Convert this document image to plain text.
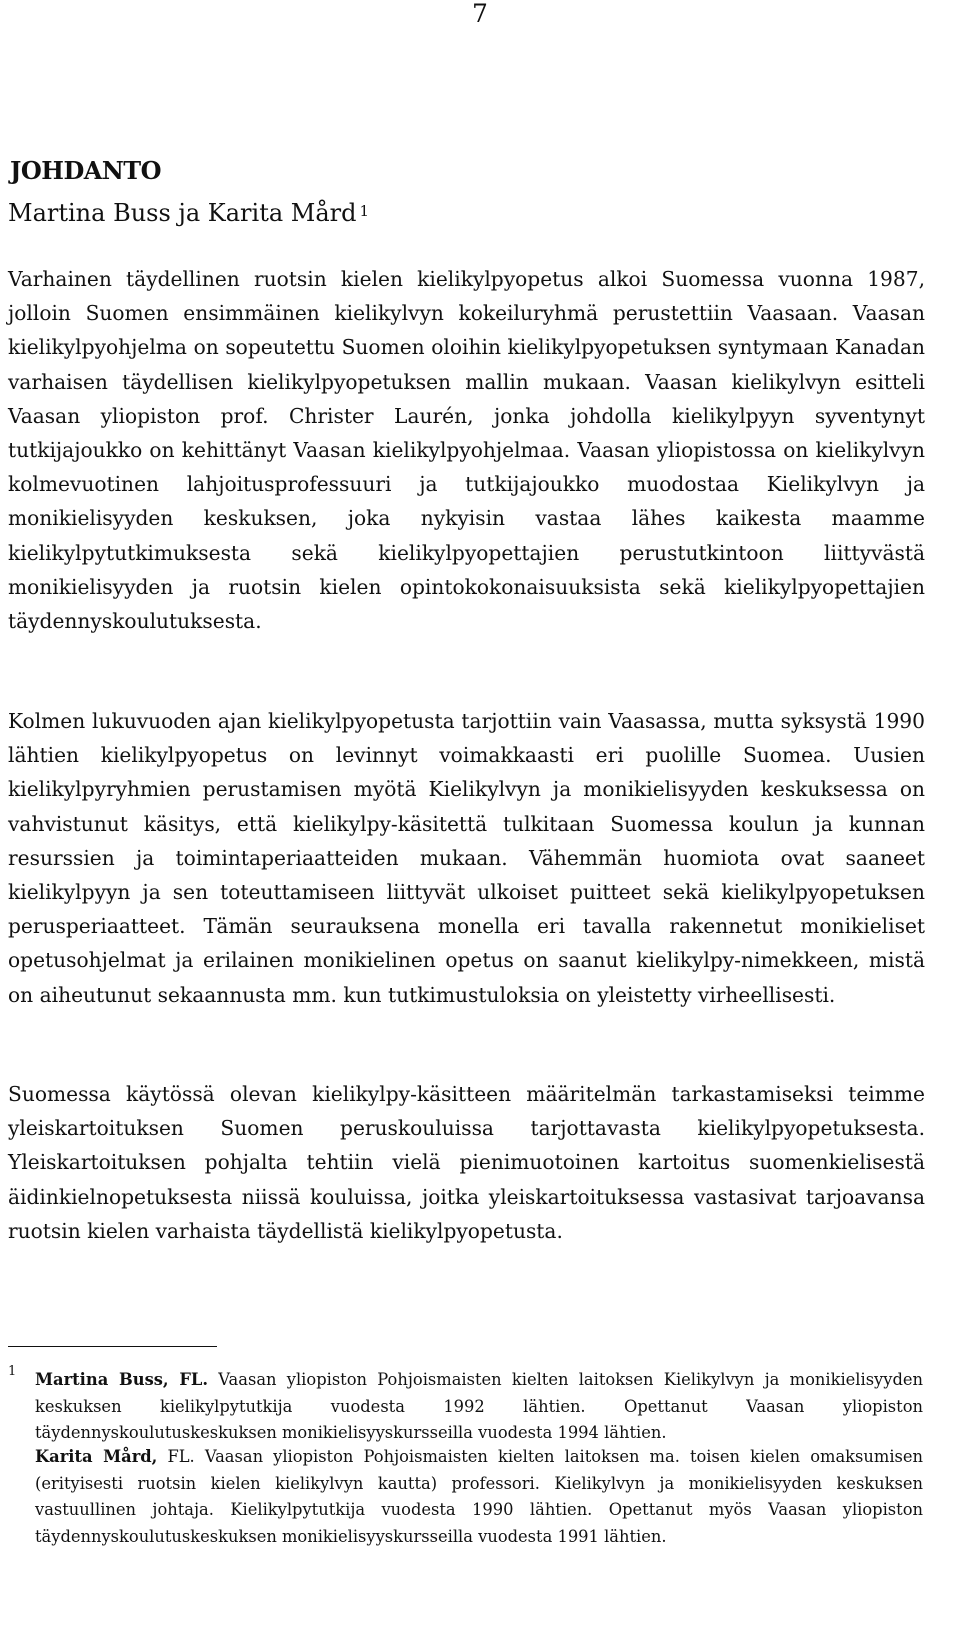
7
JOHDANTO
Martina Buss ja Karita Mård $^1$

Varhainen täydellinen ruotsin kielen kielikylpyopetus alkoi Suomessa vuonna 1987, jolloin Suomen ensimmäinen kielikylvyn kokeiluryhmä perustettiin Vaasaan. Vaasan kielikylpyohjelma on sopeutettu Suomen oloihin kielikylpyopetuksen syntymaan Kanadan varhaisen täydellisen kielikylpyopetuksen mallin mukaan. Vaasan kielikylvyn esitteli Vaasan yliopiston prof. Christer Laurén, jonka johdolla kielikylpyyn syventynyt tutkijajoukko on kehittänyt Vaasan kielikylpyohjelmaa. Vaasan yliopistossa on kielikylvyn kolmevuotinen lahjoitusprofessuuri ja tutkijajoukko muodostaa Kielikylvyn ja monikielisyyden keskuksen, joka nykyisin vastaa lähes kaikesta maamme kielikylpytutkimuksesta sekä kielikylpyopettajien perustutkintoon liittyvästä monikielisyyden ja ruotsin kielen opintokokonaisuuksista sekä kielikylpyopettajien täydennyskoulutuksesta.

Kolmen lukuvuoden ajan kielikylpyopetusta tarjottiin vain Vaasassa, mutta syksystä 1990 lähtien kielikylpyopetus on levinnyt voimakkaasti eri puolille Suomea. Uusien kielikylpyryhmien perustamisen myötä Kielikylvyn ja monikielisyyden keskuksessa on vahvistunut käsitys, että kielikylpy-käsitettä tulkitaan Suomessa koulun ja kunnan resurssien ja toimintaperiaatteiden mukaan. Vähemmän huomiota ovat saaneet kielikylpyyn ja sen toteuttamiseen liittyvät ulkoiset puitteet sekä kielikylpyopetuksen perusperiaatteet. Tämän seurauksena monella eri tavalla rakennetut monikieliset opetusohjelmat ja erilainen monikielinen opetus on saanut kielikylpy-nimekkeen, mistä on aiheutunut sekaannusta mm. kun tutkimustuloksia on yleistetty virheellisesti.

Suomessa käytössä olevan kielikylpy-käsitteen määritelmän tarkastamiseksi teimme yleiskartoituksen Suomen peruskouluissa tarjottavasta kielikylpyopetuksesta. Yleiskartoituksen pohjalta tehtiin vielä pienimuotoinen kartoitus suomenkielisestä äidinkielnopetuksesta niissä kouluissa, joitka yleiskartoituksessa vastasivat tarjoavansa ruotsin kielen varhaista täydellistä kielikylpyopetusta.

1 Martina Buss, FL. Vaasan yliopiston Pohjoismaisten kielten laitoksen Kielikylvyn ja monikielisyyden keskuksen kielikylpytutkija vuodesta 1992 lähtien. Opettanut Vaasan yliopiston täydennyskoulutuskeskuksen monikielisyyskursseilla vuodesta 1994 lähtien.

Karita Mård, FL. Vaasan yliopiston Pohjoismaisten kielten laitoksen ma. toisen kielen omaksumisen (erityisesti ruotsin kielen kielikylvyn kautta) professori. Kielikylvyn ja monikielisyyden keskuksen vastuullinen johtaja. Kielikylpytutkija vuodesta 1990 lähtien. Opettanut myös Vaasan yliopiston täydennyskoulutuskeskuksen monikielisyyskursseilla vuodesta 1991 lähtien.
